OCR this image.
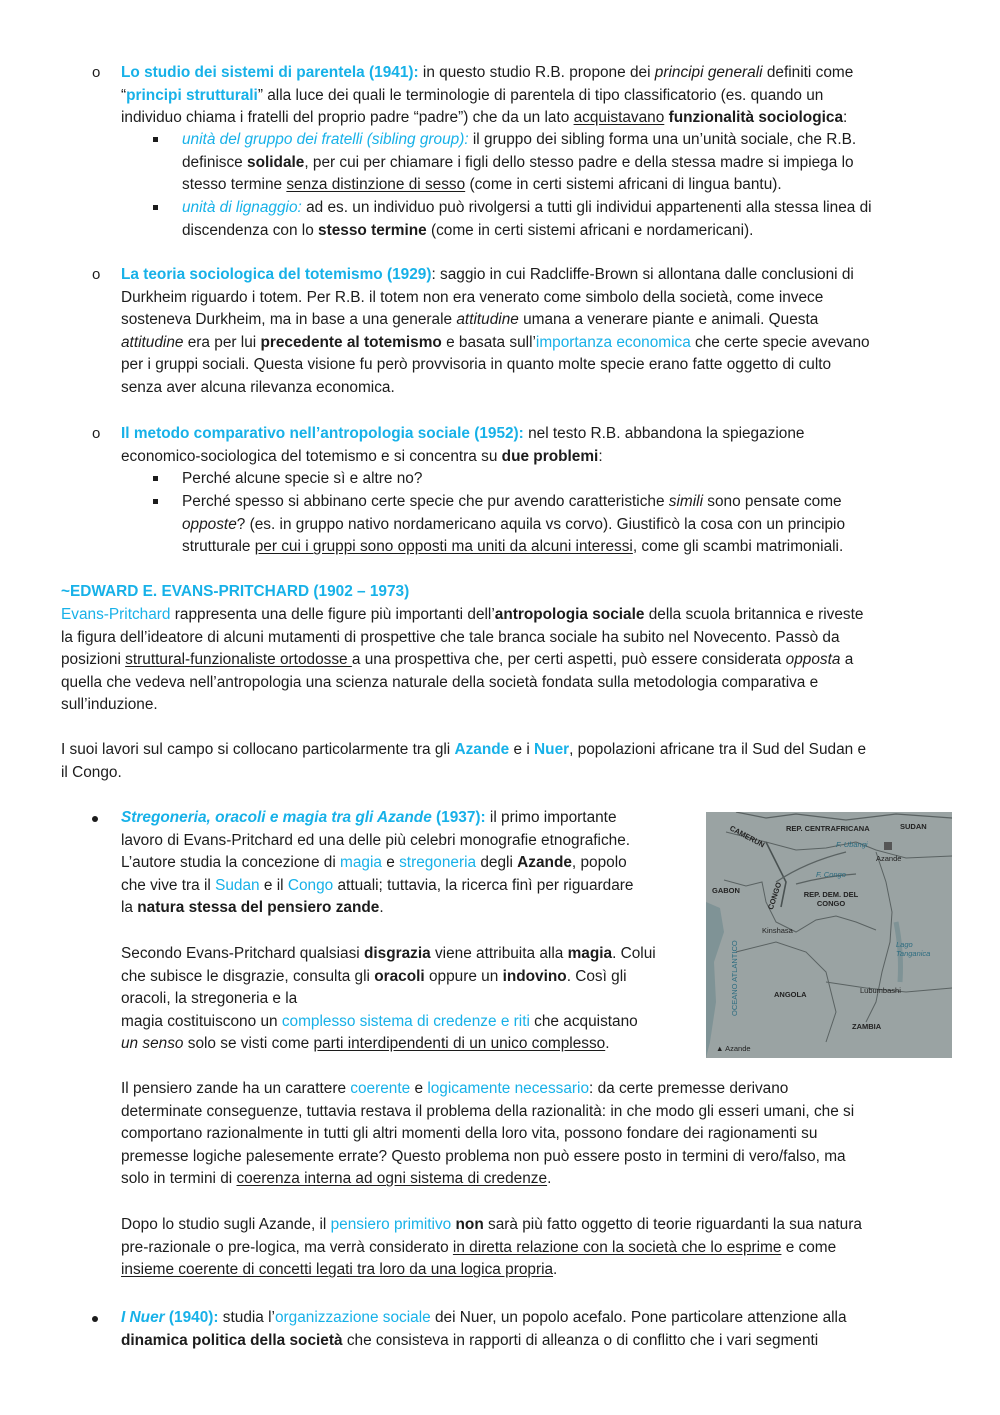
o Lo studio dei sistemi di parentela (1941): in questo studio R.B. propone dei principi generali definiti come
“principi strutturali” alla luce dei quali le terminologie di parentela di tipo classificatorio (es. quando un
individuo chiama i fratelli del proprio padre “padre”) che da un lato acquistavano funzionalità sociologica:
unità del gruppo dei fratelli (sibling group): il gruppo dei sibling forma una un’unità sociale, che R.B.
definisce solidale, per cui per chiamare i figli dello stesso padre e della stessa madre si impiega lo
stesso termine senza distinzione di sesso (come in certi sistemi africani di lingua bantu).
unità di lignaggio: ad es. un individuo può rivolgersi a tutti gli individui appartenenti alla stessa linea di
discendenza con lo stesso termine (come in certi sistemi africani e nordamericani).
o La teoria sociologica del totemismo (1929): saggio in cui Radcliffe-Brown si allontana dalle conclusioni di
Durkheim riguardo i totem. Per R.B. il totem non era venerato come simbolo della società, come invece
sosteneva Durkheim, ma in base a una generale attitudine umana a venerare piante e animali. Questa
attitudine era per lui precedente al totemismo e basata sull’importanza economica che certe specie avevano
per i gruppi sociali. Questa visione fu però provvisoria in quanto molte specie erano fatte oggetto di culto
senza aver alcuna rilevanza economica.
o Il metodo comparativo nell’antropologia sociale (1952): nel testo R.B. abbandona la spiegazione
economico-sociologica del totemismo e si concentra su due problemi:
Perché alcune specie sì e altre no?
Perché spesso si abbinano certe specie che pur avendo caratteristiche simili sono pensate come
opposte? (es. in gruppo nativo nordamericano aquila vs corvo). Giustificò la cosa con un principio
strutturale per cui i gruppi sono opposti ma uniti da alcuni interessi, come gli scambi matrimoniali.
~EDWARD E. EVANS-PRITCHARD (1902 – 1973)
Evans-Pritchard rappresenta una delle figure più importanti dell’antropologia sociale della scuola britannica e riveste
la figura dell’ideatore di alcuni mutamenti di prospettive che tale branca sociale ha subito nel Novecento. Passò da
posizioni struttural-funzionaliste ortodosse a una prospettiva che, per certi aspetti, può essere considerata opposta a
quella che vedeva nell’antropologia una scienza naturale della società fondata sulla metodologia comparativa e
sull’induzione.
I suoi lavori sul campo si collocano particolarmente tra gli Azande e i Nuer, popolazioni africane tra il Sud del Sudan e
il Congo.
Stregoneria, oracoli e magia tra gli Azande (1937): il primo importante
lavoro di Evans-Pritchard ed una delle più celebri monografie etnografiche.
L’autore studia la concezione di magia e stregoneria degli Azande, popolo
che vive tra il Sudan e il Congo attuali; tuttavia, la ricerca finì per riguardare
la natura stessa del pensiero zande.
Secondo Evans-Pritchard qualsiasi disgrazia viene attribuita alla magia. Colui
che subisce le disgrazie, consulta gli oracoli oppure un indovino. Così gli
oracoli, la stregoneria e la
magia costituiscono un complesso sistema di credenze e riti che acquistano
un senso solo se visti come parti interdipendenti di un unico complesso.
REP. CENTRAFRICANA	SUDAN
CAMERUN	F. Ubangi
Azande
F. Congo
GABON	CONGO	REP. DEM. DEL CONGO
Kinshasa
OCEANO ATLANTICO	Lago Tanganica
ANGOLA	Lubumbashi
ZAMBIA
▲ Azande
Il pensiero zande ha un carattere coerente e logicamente necessario: da certe premesse derivano
determinate conseguenze, tuttavia restava il problema della razionalità: in che modo gli esseri umani, che si
comportano razionalmente in tutti gli altri momenti della loro vita, possono fondare dei ragionamenti su
premesse logiche palesemente errate? Questo problema non può essere posto in termini di vero/falso, ma
solo in termini di coerenza interna ad ogni sistema di credenze.
Dopo lo studio sugli Azande, il pensiero primitivo non sarà più fatto oggetto di teorie riguardanti la sua natura
pre-razionale o pre-logica, ma verrà considerato in diretta relazione con la società che lo esprime e come
insieme coerente di concetti legati tra loro da una logica propria.
I Nuer (1940): studia l’organizzazione sociale dei Nuer, un popolo acefalo. Pone particolare attenzione alla
dinamica politica della società che consisteva in rapporti di alleanza o di conflitto che i vari segmenti
